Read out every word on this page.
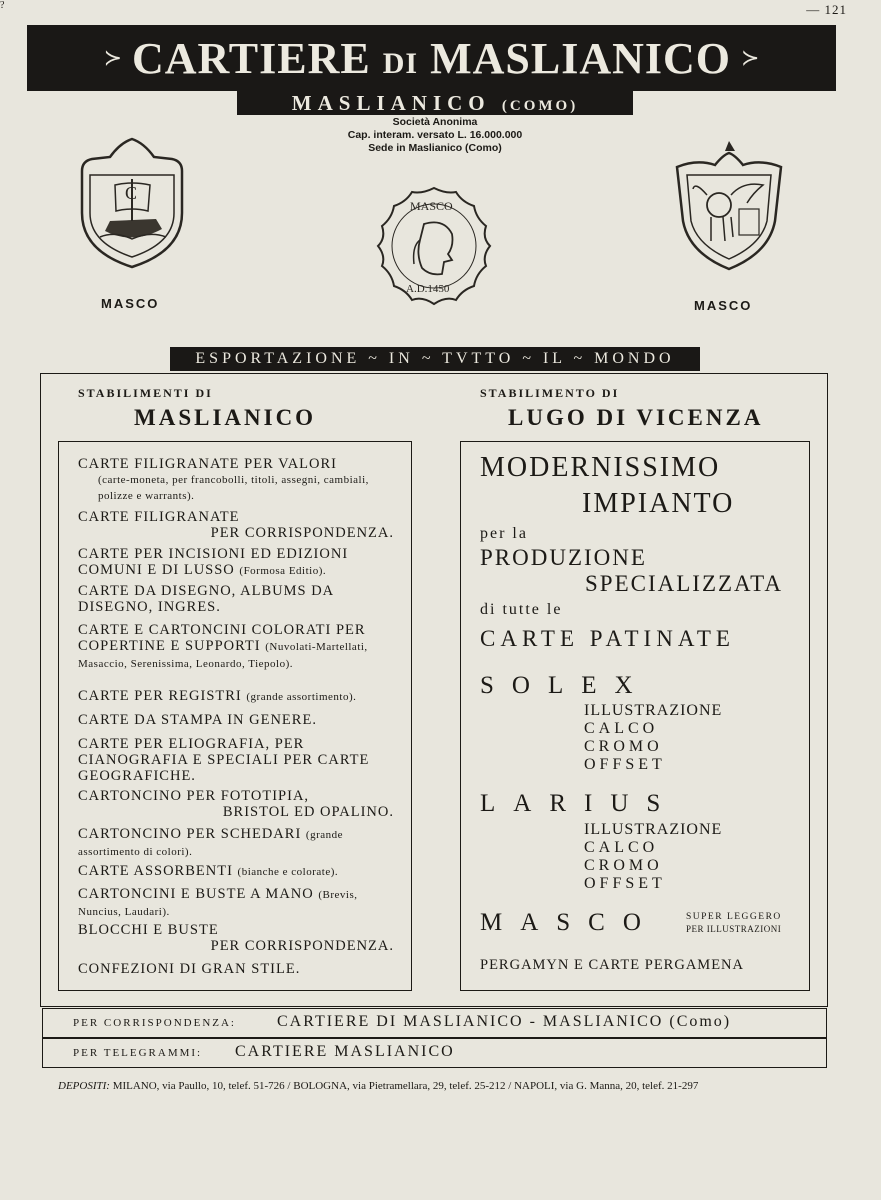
?	— 121
≻ CARTIERE DI MASLIANICO ≻
MASLIANICO (COMO)
Società Anonima
Cap. interam. versato L. 16.000.000
Sede in Maslianico (Como)
C
MASCO
MASCO
A.D.1450
MASCO
ESPORTAZIONE ~ IN ~ TVTTO ~ IL ~ MONDO
STABILIMENTI DI
MASLIANICO
STABILIMENTO DI
LUGO DI VICENZA
CARTE FILIGRANATE PER VALORI
(carte-moneta, per francobolli, titoli, assegni, cambiali, polizze e warrants).
CARTE FILIGRANATE
PER CORRISPONDENZA.
CARTE PER INCISIONI ED EDIZIONI COMUNI E DI LUSSO (Formosa Editio).
CARTE DA DISEGNO, ALBUMS DA DISEGNO, INGRES.
CARTE E CARTONCINI COLORATI PER COPERTINE E SUPPORTI (Nuvolati-Martellati, Masaccio, Serenissima, Leonardo, Tiepolo).
CARTE PER REGISTRI (grande assortimento).
CARTE DA STAMPA IN GENERE.
CARTE PER ELIOGRAFIA, PER CIANOGRAFIA E SPECIALI PER CARTE GEOGRAFICHE.
CARTONCINO PER FOTOTIPIA,
BRISTOL ED OPALINO.
CARTONCINO PER SCHEDARI (grande assortimento di colori).
CARTE ASSORBENTI (bianche e colorate).
CARTONCINI E BUSTE A MANO (Brevis, Nuncius, Laudari).
BLOCCHI E BUSTE
PER CORRISPONDENZA.
CONFEZIONI DI GRAN STILE.
MODERNISSIMO
IMPIANTO
per la
PRODUZIONE
SPECIALIZZATA
di tutte le
CARTE PATINATE
SOLEX
ILLUSTRAZIONE
CALCO
CROMO
OFFSET
LARIUS
ILLUSTRAZIONE
CALCO
CROMO
OFFSET
MASCO	SUPER LEGGERO
PER ILLUSTRAZIONI
PERGAMYN E CARTE PERGAMENA
PER CORRISPONDENZA:	CARTIERE DI MASLIANICO - MASLIANICO (Como)
PER TELEGRAMMI: CARTIERE MASLIANICO
DEPOSITI: MILANO, via Paullo, 10, telef. 51-726 / BOLOGNA, via Pietramellara, 29, telef. 25-212 / NAPOLI, via G. Manna, 20, telef. 21-297
